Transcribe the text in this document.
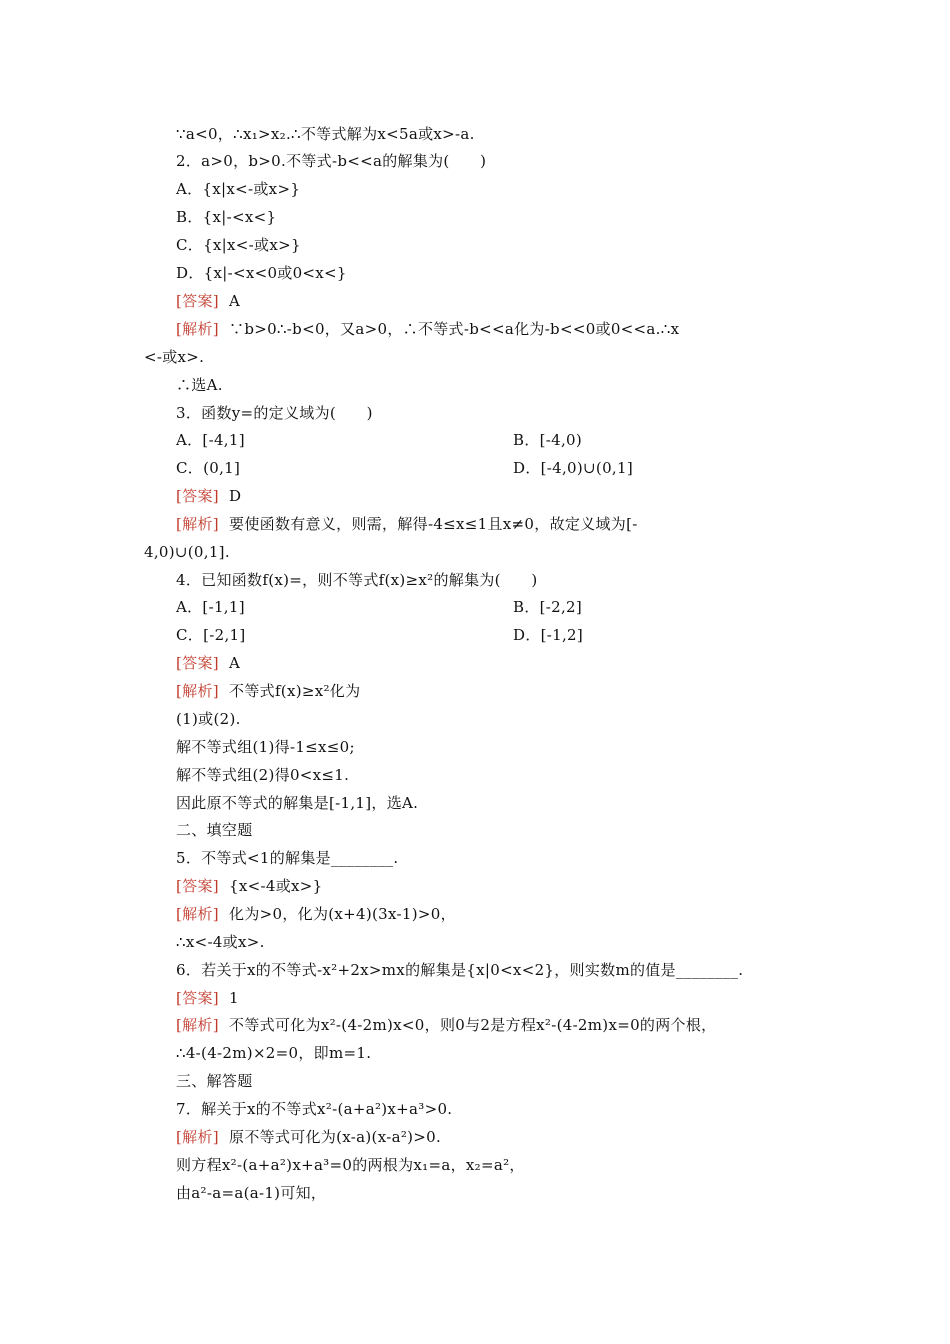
∵a<0，∴x₁>x₂.∴不等式解为x<5a或x>-a.
2．a>0，b>0.不等式-b<<a的解集为(　　)
A．{x|x<-或x>}
B．{x|-<x<}
C．{x|x<-或x>}
D．{x|-<x<0或0<x<}
[答案] A
[解析] ∵b>0∴-b<0，又a>0，∴不等式-b<<a化为-b<<0或0<<a.∴x
<-或x>.
∴选A.
3．函数y=的定义域为(　　)
A．[-4,1]	B．[-4,0)
C．(0,1]	D．[-4,0)∪(0,1]
[答案] D
[解析] 要使函数有意义，则需，解得-4≤x≤1且x≠0，故定义域为[-
4,0)∪(0,1].
4．已知函数f(x)=，则不等式f(x)≥x²的解集为(　　)
A．[-1,1]	B．[-2,2]
C．[-2,1]	D．[-1,2]
[答案] A
[解析] 不等式f(x)≥x²化为
(1)或(2).
解不等式组(1)得-1≤x≤0;
解不等式组(2)得0<x≤1.
因此原不等式的解集是[-1,1]，选A.
二、填空题
5．不等式<1的解集是________.
[答案] {x<-4或x>}
[解析] 化为>0，化为(x+4)(3x-1)>0，
∴x<-4或x>.
6．若关于x的不等式-x²+2x>mx的解集是{x|0<x<2}，则实数m的值是________.
[答案] 1
[解析] 不等式可化为x²-(4-2m)x<0，则0与2是方程x²-(4-2m)x=0的两个根，
∴4-(4-2m)×2=0，即m=1.
三、解答题
7．解关于x的不等式x²-(a+a²)x+a³>0.
[解析] 原不等式可化为(x-a)(x-a²)>0.
则方程x²-(a+a²)x+a³=0的两根为x₁=a，x₂=a²，
由a²-a=a(a-1)可知，
